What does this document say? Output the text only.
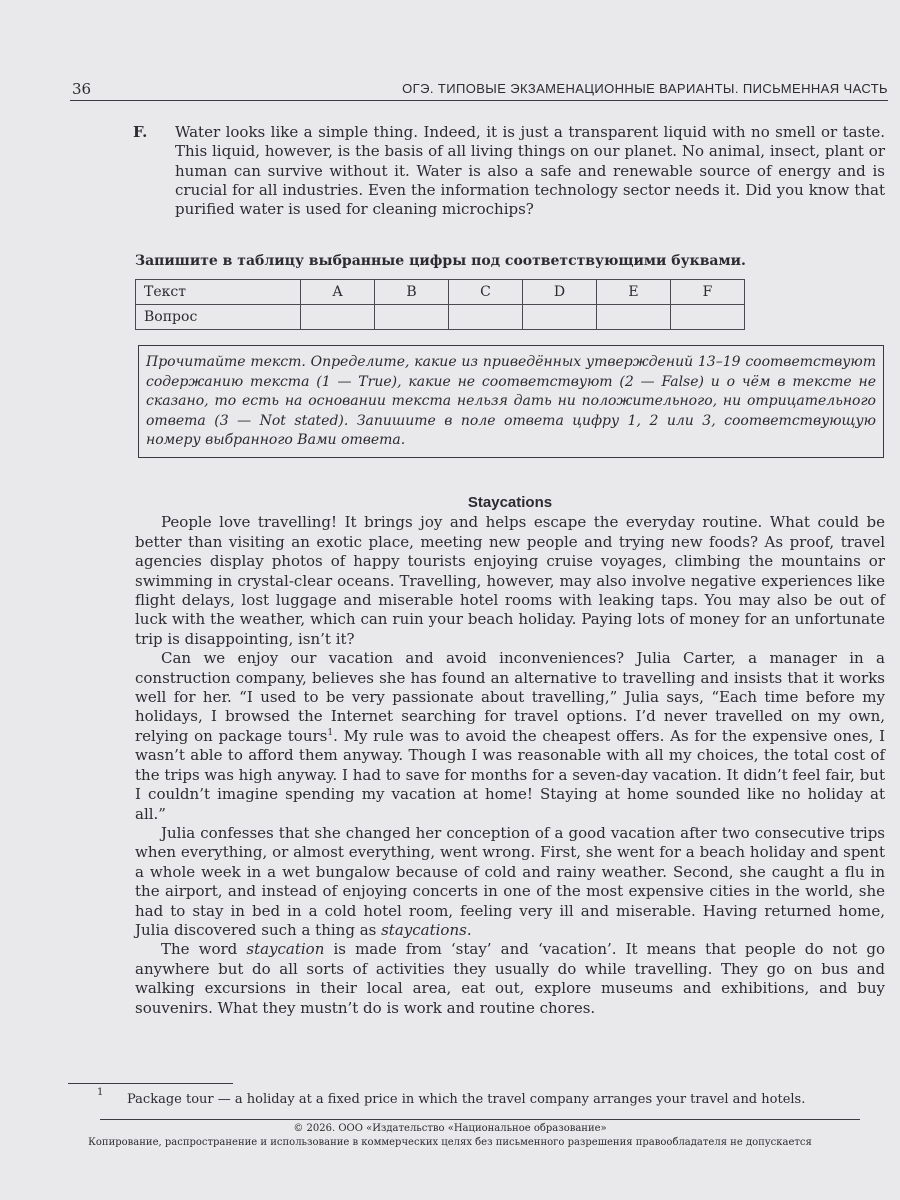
36	ОГЭ. ТИПОВЫЕ ЭКЗАМЕНАЦИОННЫЕ ВАРИАНТЫ. ПИСЬМЕННАЯ ЧАСТЬ
F. Water looks like a simple thing. Indeed, it is just a transparent liquid with no smell or taste. This liquid, however, is the basis of all living things on our planet. No animal, insect, plant or human can survive without it. Water is also a safe and renewable source of energy and is crucial for all industries. Even the information technology sector needs it. Did you know that purified water is used for cleaning microchips?
Запишите в таблицу выбранные цифры под соответствующими буквами.
Текст	A	B	C	D	E	F
Вопрос						
Прочитайте текст. Определите, какие из приведённых утверждений 13–19 соответствуют содержанию текста (1 — True), какие не соответствуют (2 — False) и о чём в тексте не сказано, то есть на основании текста нельзя дать ни положительного, ни отрицательного ответа (3 — Not stated). Запишите в поле ответа цифру 1, 2 или 3, соответствующую номеру выбранного Вами ответа.
Staycations

People love travelling! It brings joy and helps escape the everyday routine. What could be better than visiting an exotic place, meeting new people and trying new foods? As proof, travel agencies display photos of happy tourists enjoying cruise voyages, climbing the mountains or swimming in crystal-clear oceans. Travelling, however, may also involve negative experiences like flight delays, lost luggage and miserable hotel rooms with leaking taps. You may also be out of luck with the weather, which can ruin your beach holiday. Paying lots of money for an unfortunate trip is disappointing, isn’t it?

Can we enjoy our vacation and avoid inconveniences? Julia Carter, a manager in a construction company, believes she has found an alternative to travelling and insists that it works well for her. “I used to be very passionate about travelling,” Julia says, “Each time before my holidays, I browsed the Internet searching for travel options. I’d never travelled on my own, relying on package tours$^1$. My rule was to avoid the cheapest offers. As for the expensive ones, I wasn’t able to afford them anyway. Though I was reasonable with all my choices, the total cost of the trips was high anyway. I had to save for months for a seven-day vacation. It didn’t feel fair, but I couldn’t imagine spending my vacation at home! Staying at home sounded like no holiday at all.”

Julia confesses that she changed her conception of a good vacation after two consecutive trips when everything, or almost everything, went wrong. First, she went for a beach holiday and spent a whole week in a wet bungalow because of cold and rainy weather. Second, she caught a flu in the airport, and instead of enjoying concerts in one of the most expensive cities in the world, she had to stay in bed in a cold hotel room, feeling very ill and miserable. Having returned home, Julia discovered such a thing as staycations.

The word staycation is made from ‘stay’ and ‘vacation’. It means that people do not go anywhere but do all sorts of activities they usually do while travelling. They go on bus and walking excursions in their local area, eat out, explore museums and exhibitions, and buy souvenirs. What they mustn’t do is work and routine chores.

1 Package tour — a holiday at a fixed price in which the travel company arranges your travel and hotels.
© 2026. ООО «Издательство «Национальное образование»
Копирование, распространение и использование в коммерческих целях без письменного разрешения правообладателя не допускается
